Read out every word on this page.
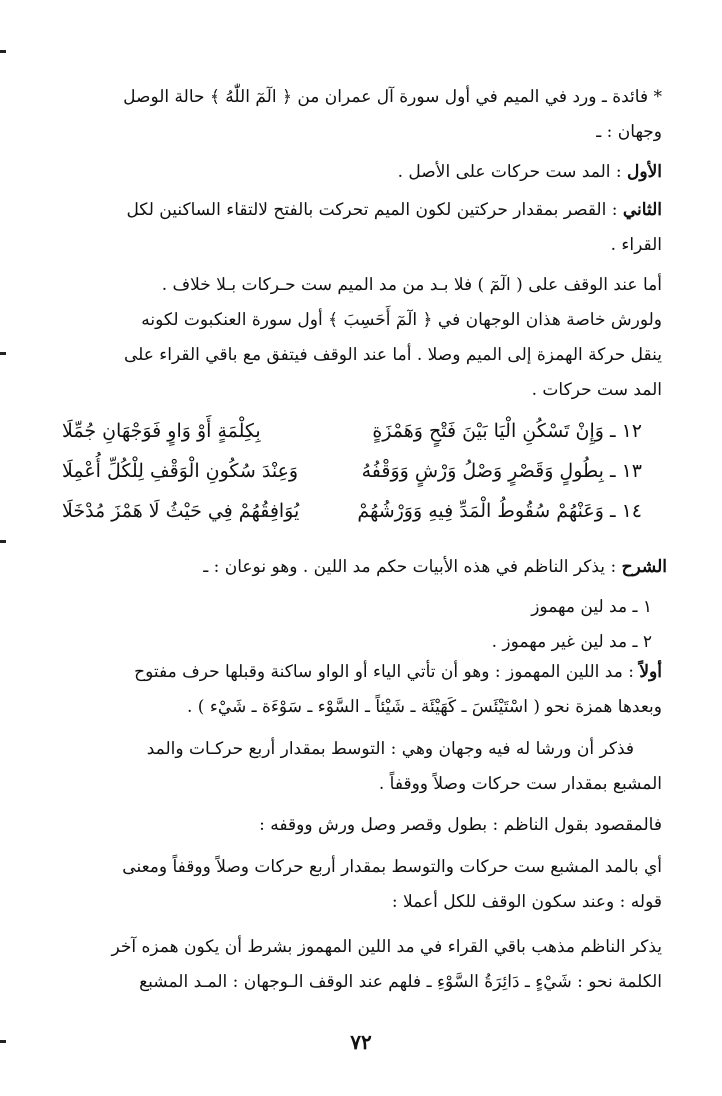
* فائدة ـ ورد في الميم في أول سورة آل عمران من ﴿ الٓمٓ اللّٰهُ ﴾ حالة الوصل
وجهان : ـ
الأول : المد ست حركات على الأصل .
الثاني : القصر بمقدار حركتين لكون الميم تحركت بالفتح لالتقاء الساكنين لكل
القراء .
أما عند الوقف على ( الٓمٓ ) فلا بـد من مد الميم ست حـركات بـلا خلاف .
ولورش خاصة هذان الوجهان في ﴿ الٓمٓ أَحَسِبَ ﴾ أول سورة العنكبوت لكونه
ينقل حركة الهمزة إلى الميم وصلا . أما عند الوقف فيتفق مع باقي القراء على
المد ست حركات .
١٢ ـ وَإِنْ تَسْكُنِ الْيَا بَيْنَ فَتْحٍ وَهَمْزَةٍ
بِكِلْمَةٍ أَوْ وَاوٍ فَوَجْهَانِ جُمِّلَا
١٣ ـ بِطُولٍ وَقَصْرٍ وَصْلُ وَرْشٍ وَوَقْفُهُ
وَعِنْدَ سُكُونِ الْوَقْفِ لِلْكُلِّ أُعْمِلَا
١٤ ـ وَعَنْهُمْ سُقُوطُ الْمَدِّ فِيهِ وَوَرْشُهُمْ
يُوَافِقُهُمْ فِي حَيْثُ لَا هَمْزَ مُدْخَلَا
الشرح : يذكر الناظم في هذه الأبيات حكم مد اللين . وهو نوعان : ـ
١ ـ مد لين مهموز
٢ ـ مد لين غير مهموز .
أولاً : مد اللين المهموز : وهو أن تأتي الياء أو الواو ساكنة وقبلها حرف مفتوح
وبعدها همزة نحو ( اسْتَيْئَسَ ـ كَهَيْئَة ـ شَيْئاً ـ السَّوْء ـ سَوْءَة ـ شَيْء ) .
فذكر أن ورشا له فيه وجهان وهي : التوسط بمقدار أربع حركـات والمد
المشبع بمقدار ست حركات وصلاً ووقفاً .
فالمقصود بقول الناظم : بطول وقصر وصل ورش ووقفه :
أي بالمد المشبع ست حركات والتوسط بمقدار أربع حركات وصلاً ووقفاً ومعنى
قوله : وعند سكون الوقف للكل أعملا :
يذكر الناظم مذهب باقي القراء في مد اللين المهموز بشرط أن يكون همزه آخر
الكلمة نحو : شَيْءٍ ـ دَائِرَةُ السَّوْءِ ـ فلهم عند الوقف الـوجهان : المـد المشبع
٧٢
